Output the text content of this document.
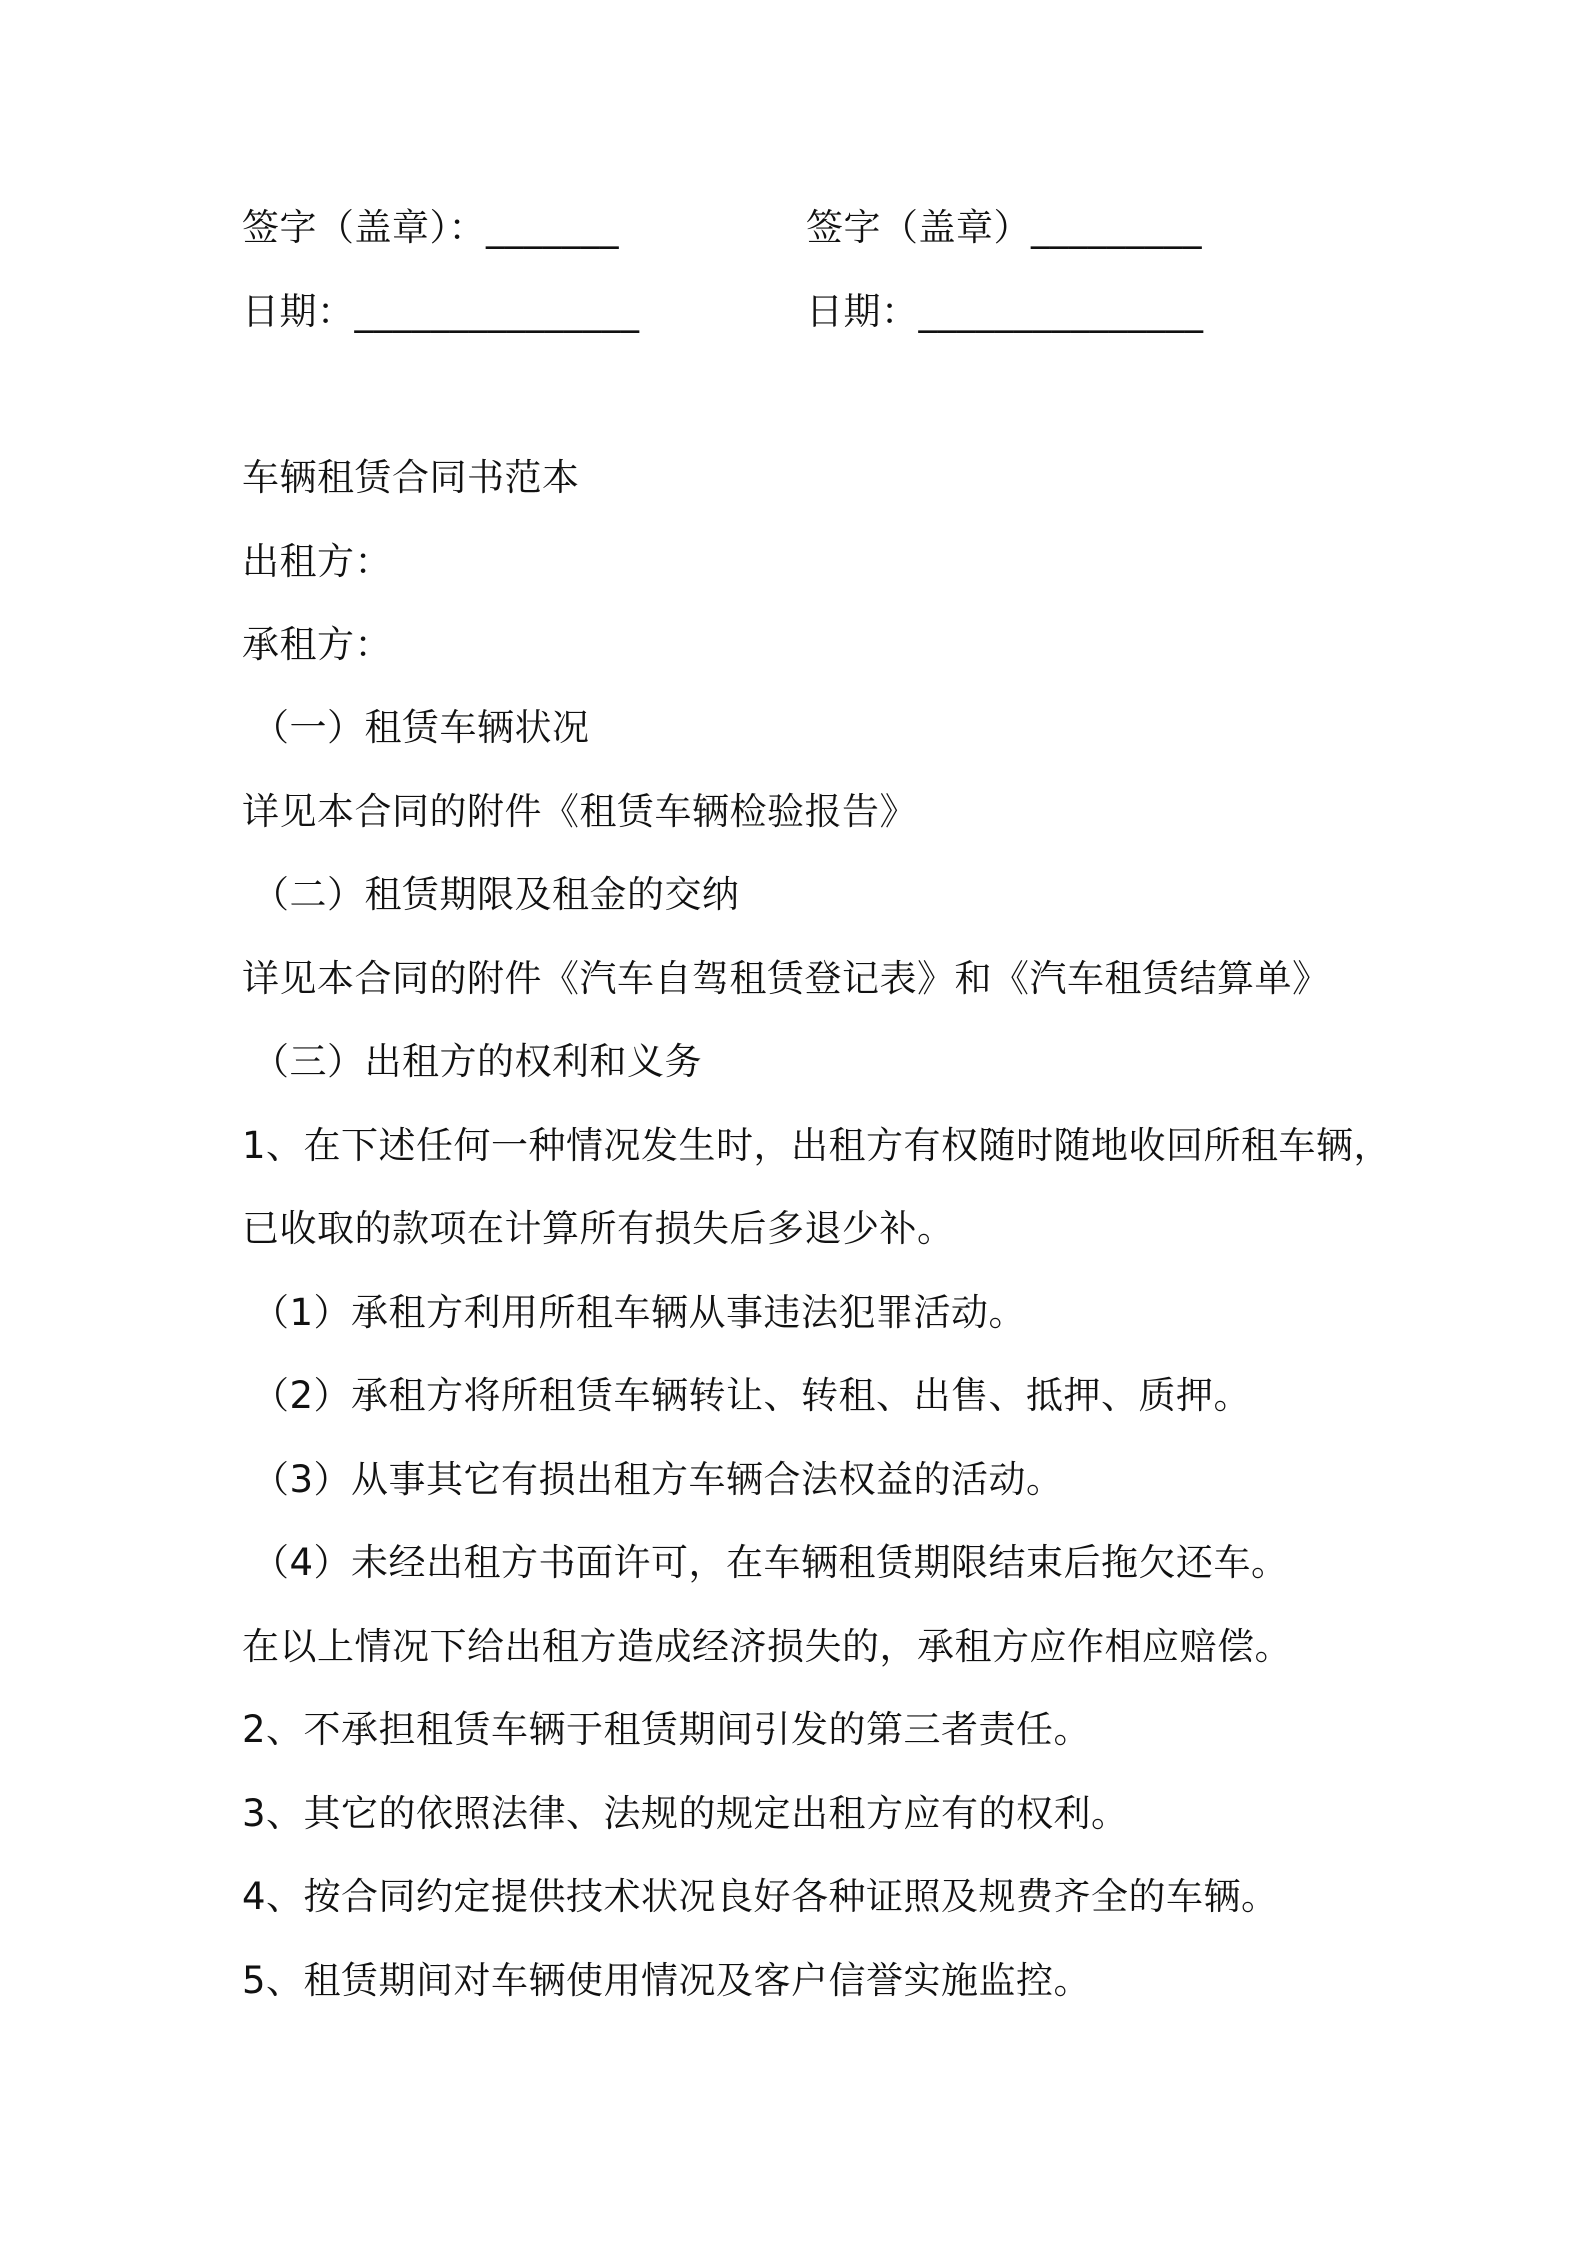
签字（盖章）：_______	签字（盖章）_________
日期：_______________	日期：_______________
车辆租赁合同书范本
出租方：
承租方：
（一）租赁车辆状况
详见本合同的附件《租赁车辆检验报告》
（二）租赁期限及租金的交纳
详见本合同的附件《汽车自驾租赁登记表》和《汽车租赁结算单》
（三）出租方的权利和义务
1、在下述任何一种情况发生时，出租方有权随时随地收回所租车辆，
已收取的款项在计算所有损失后多退少补。
（1）承租方利用所租车辆从事违法犯罪活动。
（2）承租方将所租赁车辆转让、转租、出售、抵押、质押。
（3）从事其它有损出租方车辆合法权益的活动。
（4）未经出租方书面许可，在车辆租赁期限结束后拖欠还车。
在以上情况下给出租方造成经济损失的，承租方应作相应赔偿。
2、不承担租赁车辆于租赁期间引发的第三者责任。
3、其它的依照法律、法规的规定出租方应有的权利。
4、按合同约定提供技术状况良好各种证照及规费齐全的车辆。
5、租赁期间对车辆使用情况及客户信誉实施监控。
